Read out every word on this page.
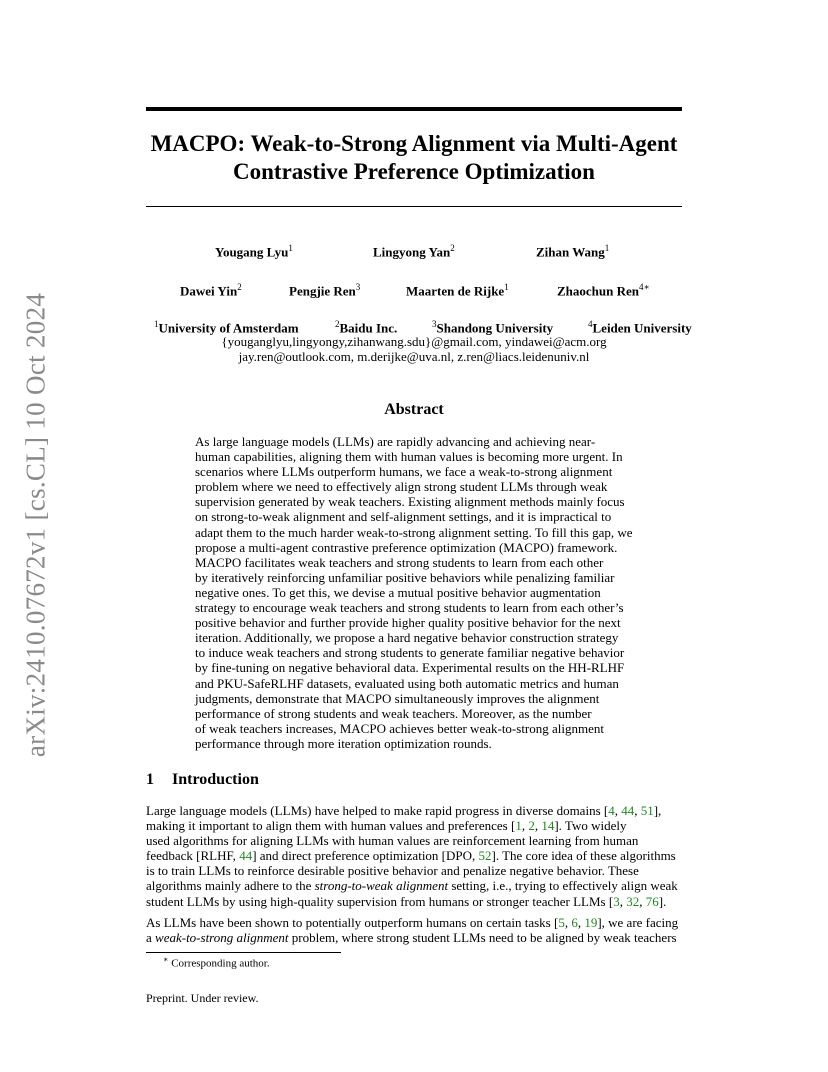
arXiv:2410.07672v1 [cs.CL] 10 Oct 2024
MACPO: Weak-to-Strong Alignment via Multi-Agent
Contrastive Preference Optimization
Yougang Lyu$^1$	Lingyong Yan$^2$	Zihan Wang$^1$
Dawei Yin$^2$	Pengjie Ren$^3$	Maarten de Rijke$^1$	Zhaochun Ren$^{4∗}$
$^1$University of Amsterdam	$^2$Baidu Inc.	$^3$Shandong University	$^4$Leiden University
{youganglyu,lingyongy,zihanwang.sdu}@gmail.com, yindawei@acm.org
jay.ren@outlook.com, m.derijke@uva.nl, z.ren@liacs.leidenuniv.nl
Abstract
As large language models (LLMs) are rapidly advancing and achieving near-
human capabilities, aligning them with human values is becoming more urgent. In
scenarios where LLMs outperform humans, we face a weak-to-strong alignment
problem where we need to effectively align strong student LLMs through weak
supervision generated by weak teachers. Existing alignment methods mainly focus
on strong-to-weak alignment and self-alignment settings, and it is impractical to
adapt them to the much harder weak-to-strong alignment setting. To fill this gap, we
propose a multi-agent contrastive preference optimization (MACPO) framework.
MACPO facilitates weak teachers and strong students to learn from each other
by iteratively reinforcing unfamiliar positive behaviors while penalizing familiar
negative ones. To get this, we devise a mutual positive behavior augmentation
strategy to encourage weak teachers and strong students to learn from each other’s
positive behavior and further provide higher quality positive behavior for the next
iteration. Additionally, we propose a hard negative behavior construction strategy
to induce weak teachers and strong students to generate familiar negative behavior
by fine-tuning on negative behavioral data. Experimental results on the HH-RLHF
and PKU-SafeRLHF datasets, evaluated using both automatic metrics and human
judgments, demonstrate that MACPO simultaneously improves the alignment
performance of strong students and weak teachers. Moreover, as the number
of weak teachers increases, MACPO achieves better weak-to-strong alignment
performance through more iteration optimization rounds.
1 Introduction
Large language models (LLMs) have helped to make rapid progress in diverse domains [4, 44, 51],
making it important to align them with human values and preferences [1, 2, 14]. Two widely
used algorithms for aligning LLMs with human values are reinforcement learning from human
feedback [RLHF, 44] and direct preference optimization [DPO, 52]. The core idea of these algorithms
is to train LLMs to reinforce desirable positive behavior and penalize negative behavior. These
algorithms mainly adhere to the strong-to-weak alignment setting, i.e., trying to effectively align weak
student LLMs by using high-quality supervision from humans or stronger teacher LLMs [3, 32, 76].
As LLMs have been shown to potentially outperform humans on certain tasks [5, 6, 19], we are facing
a weak-to-strong alignment problem, where strong student LLMs need to be aligned by weak teachers
∗ Corresponding author.
Preprint. Under review.
